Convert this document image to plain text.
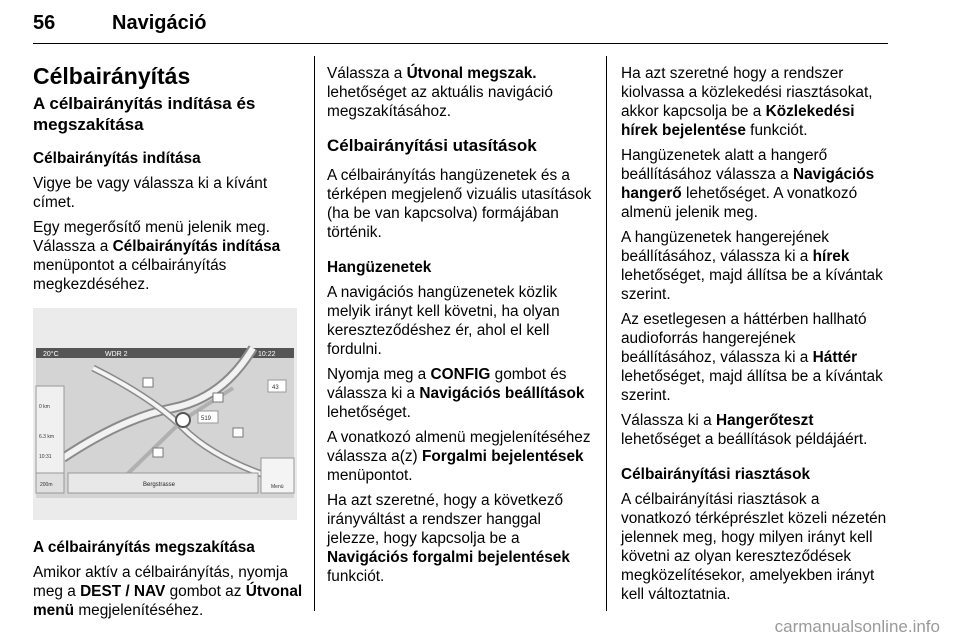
56	Navigáció
Célbairányítás
A célbairányítás indítása és megszakítása

Célbairányítás indítása

Vigye be vagy válassza ki a kívánt címet.

Egy megerősítő menü jelenik meg. Válassza a Célbairányítás indítása menüpontot a célbairányítás megkezdéséhez.

20°C	WDR 2	10:22
0 km
6.3 km
10:31
200m	Bergstrasse	Menü
43
519

A célbairányítás megszakítása

Amikor aktív a célbairányítás, nyomja meg a DEST / NAV gombot az Útvonal menü megjelenítéséhez.

Válassza a Útvonal megszak. lehetőséget az aktuális navigáció megszakításához.

Célbairányítási utasítások

A célbairányítás hangüzenetek és a térképen megjelenő vizuális utasítások (ha be van kapcsolva) formájában történik.

Hangüzenetek

A navigációs hangüzenetek közlik melyik irányt kell követni, ha olyan kereszteződéshez ér, ahol el kell fordulni.

Nyomja meg a CONFIG gombot és válassza ki a Navigációs beállítások lehetőséget.

A vonatkozó almenü megjelenítéséhez válassza a(z) Forgalmi bejelentések menüpontot.

Ha azt szeretné, hogy a következő irányváltást a rendszer hanggal jelezze, hogy kapcsolja be a Navigációs forgalmi bejelentések funkciót.

Ha azt szeretné hogy a rendszer kiolvassa a közlekedési riasztásokat, akkor kapcsolja be a Közlekedési hírek bejelentése funkciót.

Hangüzenetek alatt a hangerő beállításához válassza a Navigációs hangerő lehetőséget. A vonatkozó almenü jelenik meg.

A hangüzenetek hangerejének beállításához, válassza ki a hírek lehetőséget, majd állítsa be a kívántak szerint.

Az esetlegesen a háttérben hallható audioforrás hangerejének beállításához, válassza ki a Háttér lehetőséget, majd állítsa be a kívántak szerint.

Válassza ki a Hangerőteszt lehetőséget a beállítások példájáért.

Célbairányítási riasztások

A célbairányítási riasztások a vonatkozó térképrészlet közeli nézetén jelennek meg, hogy milyen irányt kell követni az olyan kereszteződések megközelítésekor, amelyekben irányt kell változtatnia.

carmanualsonline.info
